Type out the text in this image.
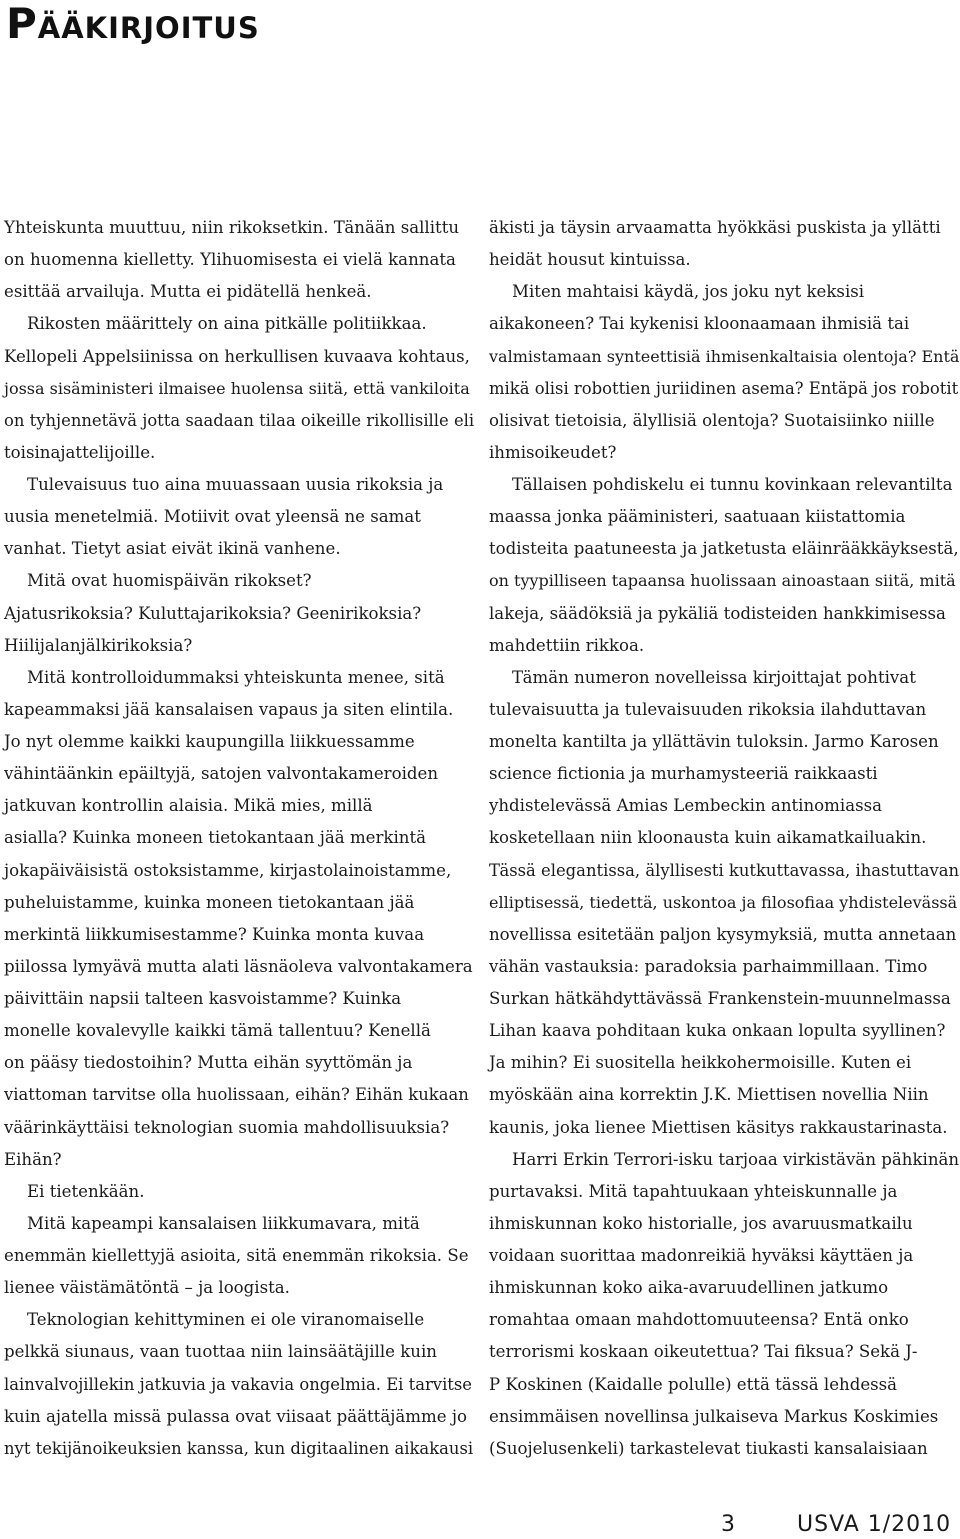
Pääkirjoitus
Yhteiskunta muuttuu, niin rikoksetkin. Tänään sallittu
on huomenna kielletty. Ylihuomisesta ei vielä kannata
esittää arvailuja. Mutta ei pidätellä henkeä.
Rikosten määrittely on aina pitkälle politiikkaa.
Kellopeli Appelsiinissa on herkullisen kuvaava kohtaus,
jossa sisäministeri ilmaisee huolensa siitä, että vankiloita
on tyhjennetävä jotta saadaan tilaa oikeille rikollisille eli
toisinajattelijoille.
Tulevaisuus tuo aina muuassaan uusia rikoksia ja
uusia menetelmiä. Motiivit ovat yleensä ne samat
vanhat. Tietyt asiat eivät ikinä vanhene.
Mitä ovat huomispäivän rikokset?
Ajatusrikoksia? Kuluttajarikoksia? Geenirikoksia?
Hiilijalanjälkirikoksia?
Mitä kontrolloidummaksi yhteiskunta menee, sitä
kapeammaksi jää kansalaisen vapaus ja siten elintila.
Jo nyt olemme kaikki kaupungilla liikkuessamme
vähintäänkin epäiltyjä, satojen valvontakameroiden
jatkuvan kontrollin alaisia. Mikä mies, millä
asialla? Kuinka moneen tietokantaan jää merkintä
jokapäiväisistä ostoksistamme, kirjastolainoistamme,
puheluistamme, kuinka moneen tietokantaan jää
merkintä liikkumisestamme? Kuinka monta kuvaa
piilossa lymyävä mutta alati läsnäoleva valvontakamera
päivittäin napsii talteen kasvoistamme? Kuinka
monelle kovalevylle kaikki tämä tallentuu? Kenellä
on pääsy tiedostoihin? Mutta eihän syyttömän ja
viattoman tarvitse olla huolissaan, eihän? Eihän kukaan
väärinkäyttäisi teknologian suomia mahdollisuuksia?
Eihän?
Ei tietenkään.
Mitä kapeampi kansalaisen liikkumavara, mitä
enemmän kiellettyjä asioita, sitä enemmän rikoksia. Se
lienee väistämätöntä – ja loogista.
Teknologian kehittyminen ei ole viranomaiselle
pelkkä siunaus, vaan tuottaa niin lainsäätäjille kuin
lainvalvojillekin jatkuvia ja vakavia ongelmia. Ei tarvitse
kuin ajatella missä pulassa ovat viisaat päättäjämme jo
nyt tekijänoikeuksien kanssa, kun digitaalinen aikakausi
äkisti ja täysin arvaamatta hyökkäsi puskista ja yllätti
heidät housut kintuissa.
Miten mahtaisi käydä, jos joku nyt keksisi
aikakoneen? Tai kykenisi kloonaamaan ihmisiä tai
valmistamaan synteettisiä ihmisenkaltaisia olentoja? Entä
mikä olisi robottien juriidinen asema? Entäpä jos robotit
olisivat tietoisia, älyllisiä olentoja? Suotaisiinko niille
ihmisoikeudet?
Tällaisen pohdiskelu ei tunnu kovinkaan relevantilta
maassa jonka pääministeri, saatuaan kiistattomia
todisteita paatuneesta ja jatketusta eläinrääkkäyksestä,
on tyypilliseen tapaansa huolissaan ainoastaan siitä, mitä
lakeja, säädöksiä ja pykäliä todisteiden hankkimisessa
mahdettiin rikkoa.
Tämän numeron novelleissa kirjoittajat pohtivat
tulevaisuutta ja tulevaisuuden rikoksia ilahduttavan
monelta kantilta ja yllättävin tuloksin. Jarmo Karosen
science fictionia ja murhamysteeriä raikkaasti
yhdistelevässä Amias Lembeckin antinomiassa
kosketellaan niin kloonausta kuin aikamatkailuakin.
Tässä elegantissa, älyllisesti kutkuttavassa, ihastuttavan
elliptisessä, tiedettä, uskontoa ja filosofiaa yhdistelevässä
novellissa esitetään paljon kysymyksiä, mutta annetaan
vähän vastauksia: paradoksia parhaimmillaan. Timo
Surkan hätkähdyttävässä Frankenstein-muunnelmassa
Lihan kaava pohditaan kuka onkaan lopulta syyllinen?
Ja mihin? Ei suositella heikkohermoisille. Kuten ei
myöskään aina korrektin J.K. Miettisen novellia Niin
kaunis, joka lienee Miettisen käsitys rakkaustarinasta.
Harri Erkin Terrori-isku tarjoaa virkistävän pähkinän
purtavaksi. Mitä tapahtuukaan yhteiskunnalle ja
ihmiskunnan koko historialle, jos avaruusmatkailu
voidaan suorittaa madonreikiä hyväksi käyttäen ja
ihmiskunnan koko aika-avaruudellinen jatkumo
romahtaa omaan mahdottomuuteensa? Entä onko
terrorismi koskaan oikeutettua? Tai fiksua? Sekä J-
P Koskinen (Kaidalle polulle) että tässä lehdessä
ensimmäisen novellinsa julkaiseva Markus Koskimies
(Suojelusenkeli) tarkastelevat tiukasti kansalaisiaan
3	USVA 1/2010
